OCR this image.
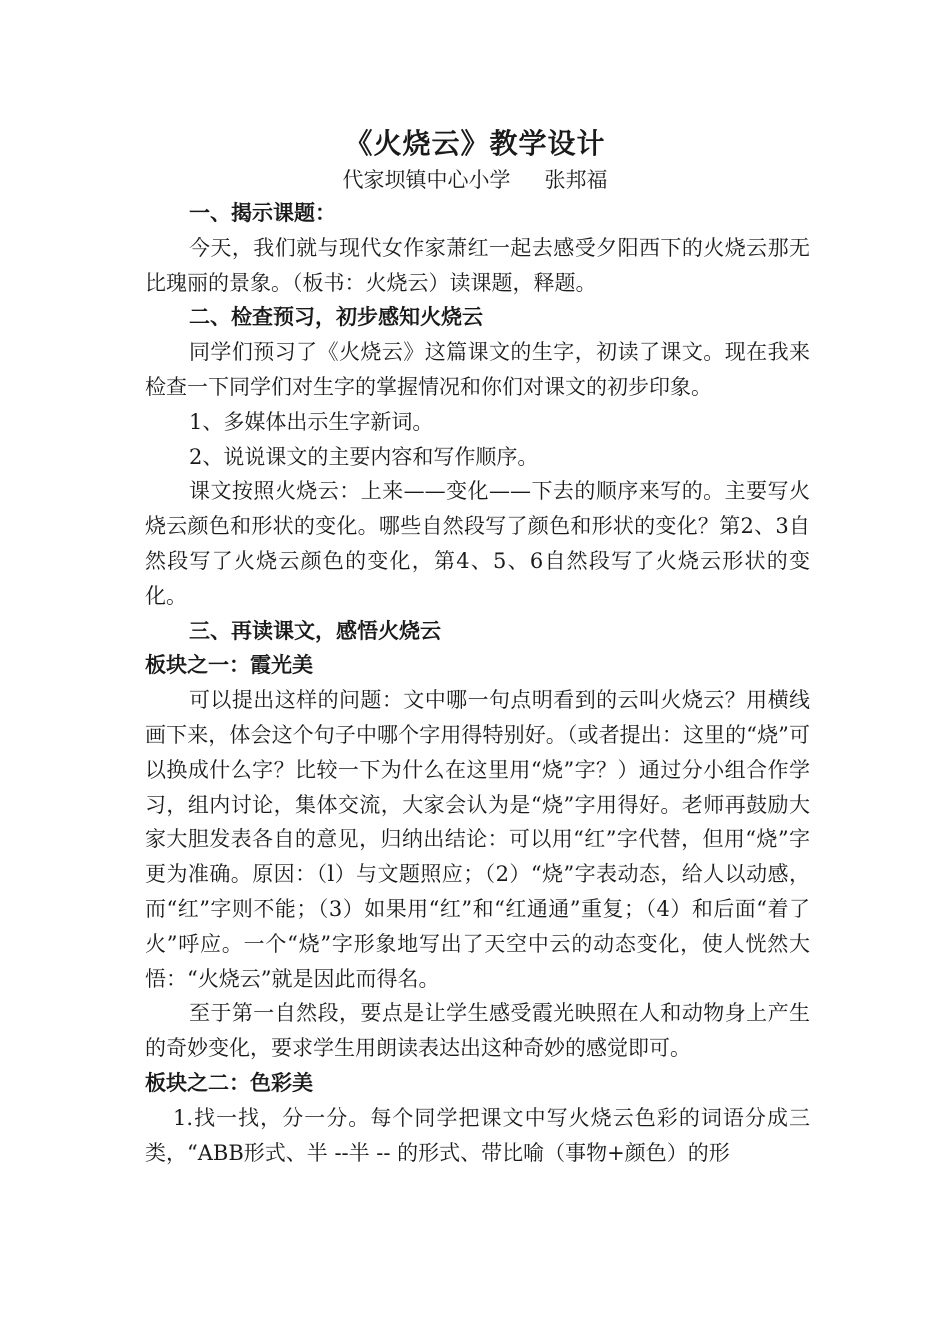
《火烧云》教学设计
代家坝镇中心小学 张邦福

一、揭示课题：

今天，我们就与现代女作家萧红一起去感受夕阳西下的火烧云那无比瑰丽的景象。（板书：火烧云）读课题，释题。

二、检查预习，初步感知火烧云

同学们预习了《火烧云》这篇课文的生字，初读了课文。现在我来检查一下同学们对生字的掌握情况和你们对课文的初步印象。

1、多媒体出示生字新词。

2、说说课文的主要内容和写作顺序。

课文按照火烧云：上来——变化——下去的顺序来写的。主要写火烧云颜色和形状的变化。哪些自然段写了颜色和形状的变化？第2、3自然段写了火烧云颜色的变化，第4、5、6自然段写了火烧云形状的变化。

三、再读课文，感悟火烧云

板块之一：霞光美

可以提出这样的问题：文中哪一句点明看到的云叫火烧云？用横线画下来，体会这个句子中哪个字用得特别好。（或者提出：这里的“烧”可以换成什么字？比较一下为什么在这里用“烧”字？）通过分小组合作学习，组内讨论，集体交流，大家会认为是“烧”字用得好。老师再鼓励大家大胆发表各自的意见，归纳出结论：可以用“红”字代替，但用“烧”字更为准确。原因：（l）与文题照应；（2）“烧”字表动态，给人以动感，而“红”字则不能；（3）如果用“红”和“红通通”重复；（4）和后面“着了火”呼应。一个“烧”字形象地写出了天空中云的动态变化，使人恍然大悟：“火烧云”就是因此而得名。

至于第一自然段，要点是让学生感受霞光映照在人和动物身上产生的奇妙变化，要求学生用朗读表达出这种奇妙的感觉即可。

板块之二：色彩美

1.找一找，分一分。每个同学把课文中写火烧云色彩的词语分成三类，“ABB形式、半 --半 -- 的形式、带比喻（事物+颜色）的形
